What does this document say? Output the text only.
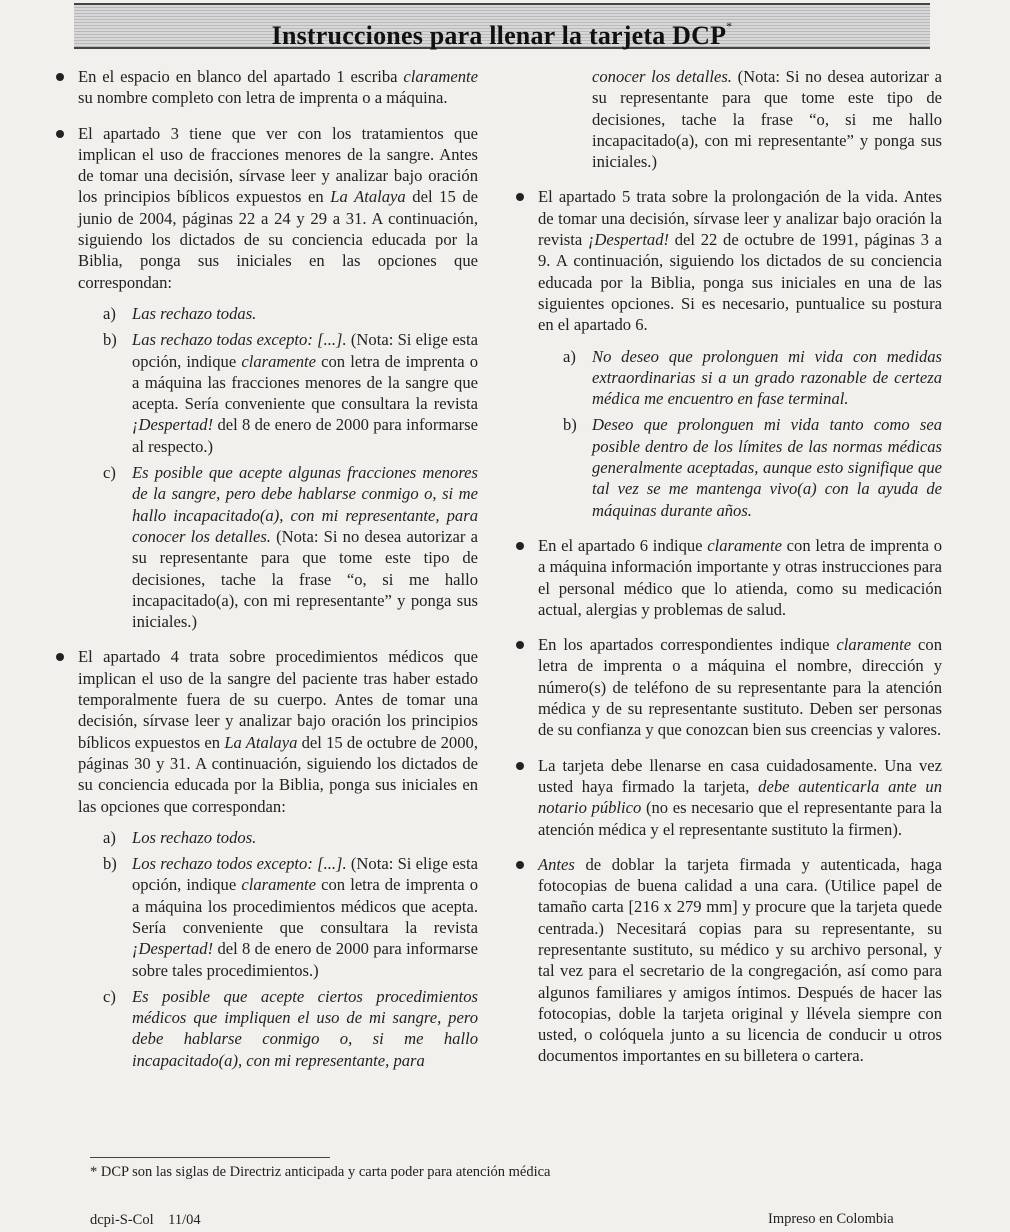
Instrucciones para llenar la tarjeta DCP*
En el espacio en blanco del apartado 1 escriba claramente su nombre completo con letra de imprenta o a máquina.
El apartado 3 tiene que ver con los tratamientos que implican el uso de fracciones menores de la sangre. Antes de tomar una decisión, sírvase leer y analizar bajo oración los principios bíblicos expuestos en La Atalaya del 15 de junio de 2004, páginas 22 a 24 y 29 a 31. A continuación, siguiendo los dictados de su conciencia educada por la Biblia, ponga sus iniciales en las opciones que correspondan:
a) Las rechazo todas.
b) Las rechazo todas excepto: [...]. (Nota: Si elige esta opción, indique claramente con letra de imprenta o a máquina las fracciones menores de la sangre que acepta. Sería conveniente que consultara la revista ¡Despertad! del 8 de enero de 2000 para informarse al respecto.)
c) Es posible que acepte algunas fracciones menores de la sangre, pero debe hablarse conmigo o, si me hallo incapacitado(a), con mi representante, para conocer los detalles. (Nota: Si no desea autorizar a su representante para que tome este tipo de decisiones, tache la frase “o, si me hallo incapacitado(a), con mi representante” y ponga sus iniciales.)
El apartado 4 trata sobre procedimientos médicos que implican el uso de la sangre del paciente tras haber estado temporalmente fuera de su cuerpo. Antes de tomar una decisión, sírvase leer y analizar bajo oración los principios bíblicos expuestos en La Atalaya del 15 de octubre de 2000, páginas 30 y 31. A continuación, siguiendo los dictados de su conciencia educada por la Biblia, ponga sus iniciales en las opciones que correspondan:
a) Los rechazo todos.
b) Los rechazo todos excepto: [...]. (Nota: Si elige esta opción, indique claramente con letra de imprenta o a máquina los procedimientos médicos que acepta. Sería conveniente que consultara la revista ¡Despertad! del 8 de enero de 2000 para informarse sobre tales procedimientos.)
c) Es posible que acepte ciertos procedimientos médicos que impliquen el uso de mi sangre, pero debe hablarse conmigo o, si me hallo incapacitado(a), con mi representante, para
conocer los detalles. (Nota: Si no desea autorizar a su representante para que tome este tipo de decisiones, tache la frase “o, si me hallo incapacitado(a), con mi representante” y ponga sus iniciales.)
El apartado 5 trata sobre la prolongación de la vida. Antes de tomar una decisión, sírvase leer y analizar bajo oración la revista ¡Despertad! del 22 de octubre de 1991, páginas 3 a 9. A continuación, siguiendo los dictados de su conciencia educada por la Biblia, ponga sus iniciales en una de las siguientes opciones. Si es necesario, puntualice su postura en el apartado 6.
a) No deseo que prolonguen mi vida con medidas extraordinarias si a un grado razonable de certeza médica me encuentro en fase terminal.
b) Deseo que prolonguen mi vida tanto como sea posible dentro de los límites de las normas médicas generalmente aceptadas, aunque esto signifique que tal vez se me mantenga vivo(a) con la ayuda de máquinas durante años.
En el apartado 6 indique claramente con letra de imprenta o a máquina información importante y otras instrucciones para el personal médico que lo atienda, como su medicación actual, alergias y problemas de salud.
En los apartados correspondientes indique claramente con letra de imprenta o a máquina el nombre, dirección y número(s) de teléfono de su representante para la atención médica y de su representante sustituto. Deben ser personas de su confianza y que conozcan bien sus creencias y valores.
La tarjeta debe llenarse en casa cuidadosamente. Una vez usted haya firmado la tarjeta, debe autenticarla ante un notario público (no es necesario que el representante para la atención médica y el representante sustituto la firmen).
Antes de doblar la tarjeta firmada y autenticada, haga fotocopias de buena calidad a una cara. (Utilice papel de tamaño carta [216 x 279 mm] y procure que la tarjeta quede centrada.) Necesitará copias para su representante, su representante sustituto, su médico y su archivo personal, y tal vez para el secretario de la congregación, así como para algunos familiares y amigos íntimos. Después de hacer las fotocopias, doble la tarjeta original y llévela siempre con usted, o colóquela junto a su licencia de conducir u otros documentos importantes en su billetera o cartera.
* DCP son las siglas de Directriz anticipada y carta poder para atención médica
dcpi-S-Col    11/04	Impreso en Colombia
